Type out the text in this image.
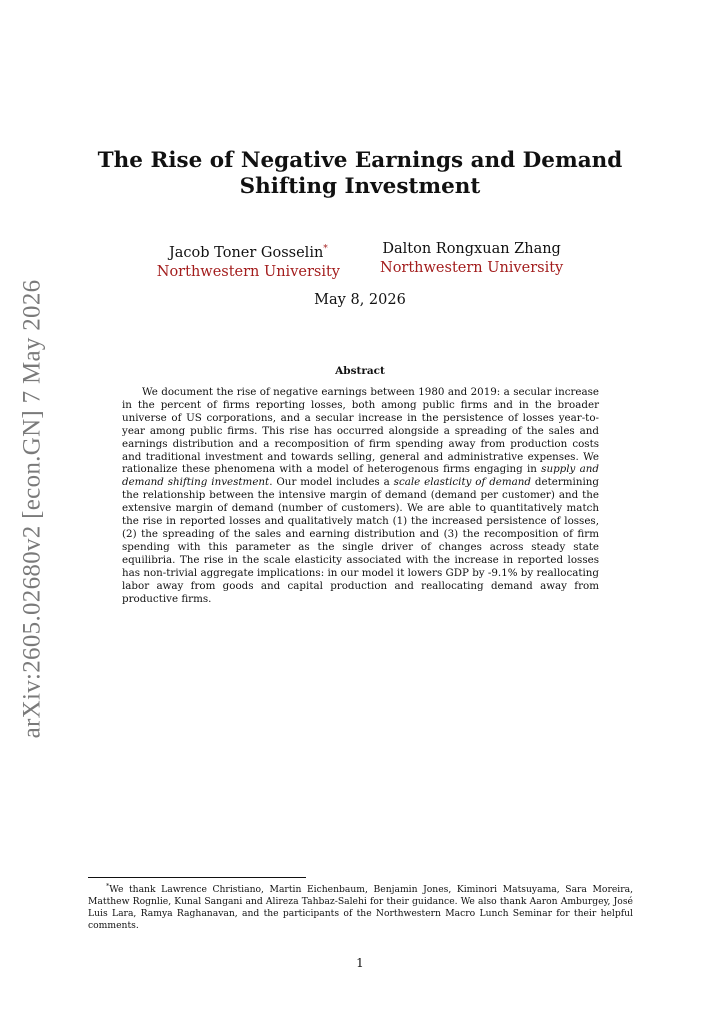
arXiv:2605.02680v2 [econ.GN] 7 May 2026
The Rise of Negative Earnings and Demand Shifting Investment
Jacob Toner Gosselin*
Northwestern University
Dalton Rongxuan Zhang
Northwestern University
May 8, 2026
Abstract

We document the rise of negative earnings between 1980 and 2019: a secular increase in the percent of firms reporting losses, both among public firms and in the broader universe of US corporations, and a secular increase in the persistence of losses year-to-year among public firms. This rise has occurred alongside a spreading of the sales and earnings distribution and a recomposition of firm spending away from production costs and traditional investment and towards selling, general and administrative expenses. We rationalize these phenomena with a model of heterogenous firms engaging in supply and demand shifting investment. Our model includes a scale elasticity of demand determining the relationship between the intensive margin of demand (demand per customer) and the extensive margin of demand (number of customers). We are able to quantitatively match the rise in reported losses and qualitatively match (1) the increased persistence of losses, (2) the spreading of the sales and earning distribution and (3) the recomposition of firm spending with this parameter as the single driver of changes across steady state equilibria. The rise in the scale elasticity associated with the increase in reported losses has non-trivial aggregate implications: in our model it lowers GDP by -9.1% by reallocating labor away from goods and capital production and reallocating demand away from productive firms.

*We thank Lawrence Christiano, Martin Eichenbaum, Benjamin Jones, Kiminori Matsuyama, Sara Moreira, Matthew Rognlie, Kunal Sangani and Alireza Tahbaz-Salehi for their guidance. We also thank Aaron Amburgey, José Luis Lara, Ramya Raghanavan, and the participants of the Northwestern Macro Lunch Seminar for their helpful comments.

1
